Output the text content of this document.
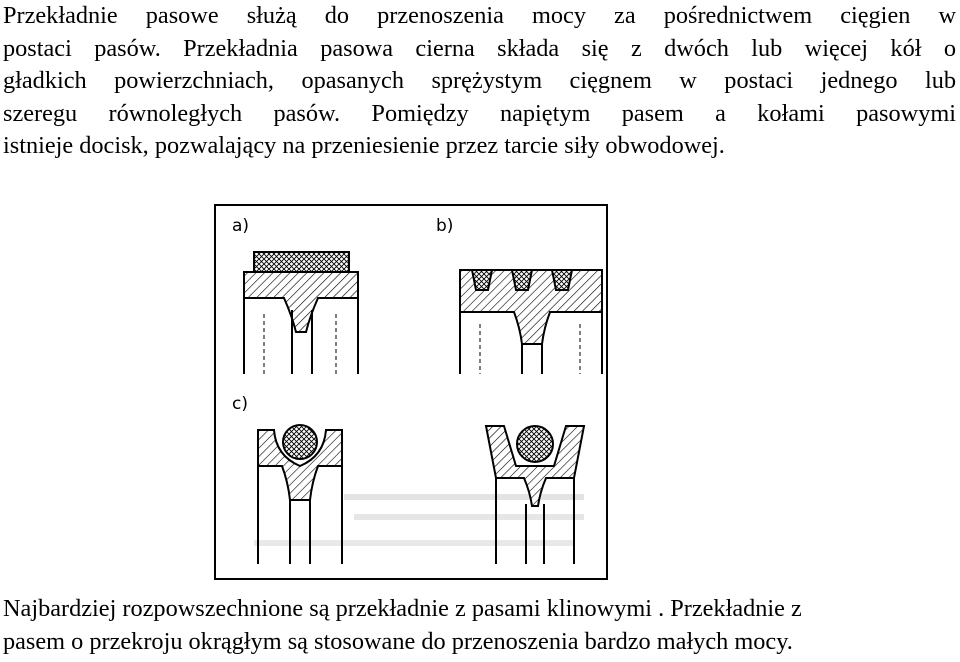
Przekładnie pasowe służą do przenoszenia mocy za pośrednictwem cięgien w
postaci pasów. Przekładnia pasowa cierna składa się z dwóch lub więcej kół o
gładkich powierzchniach, opasanych sprężystym cięgnem w postaci jednego lub
szeregu równoległych pasów. Pomiędzy napiętym pasem a kołami pasowymi
istnieje docisk, pozwalający na przeniesienie przez tarcie siły obwodowej.
a)	b)
c)
Najbardziej rozpowszechnione są przekładnie z pasami klinowymi . Przekładnie z
pasem o przekroju okrągłym są stosowane do przenoszenia bardzo małych mocy.
